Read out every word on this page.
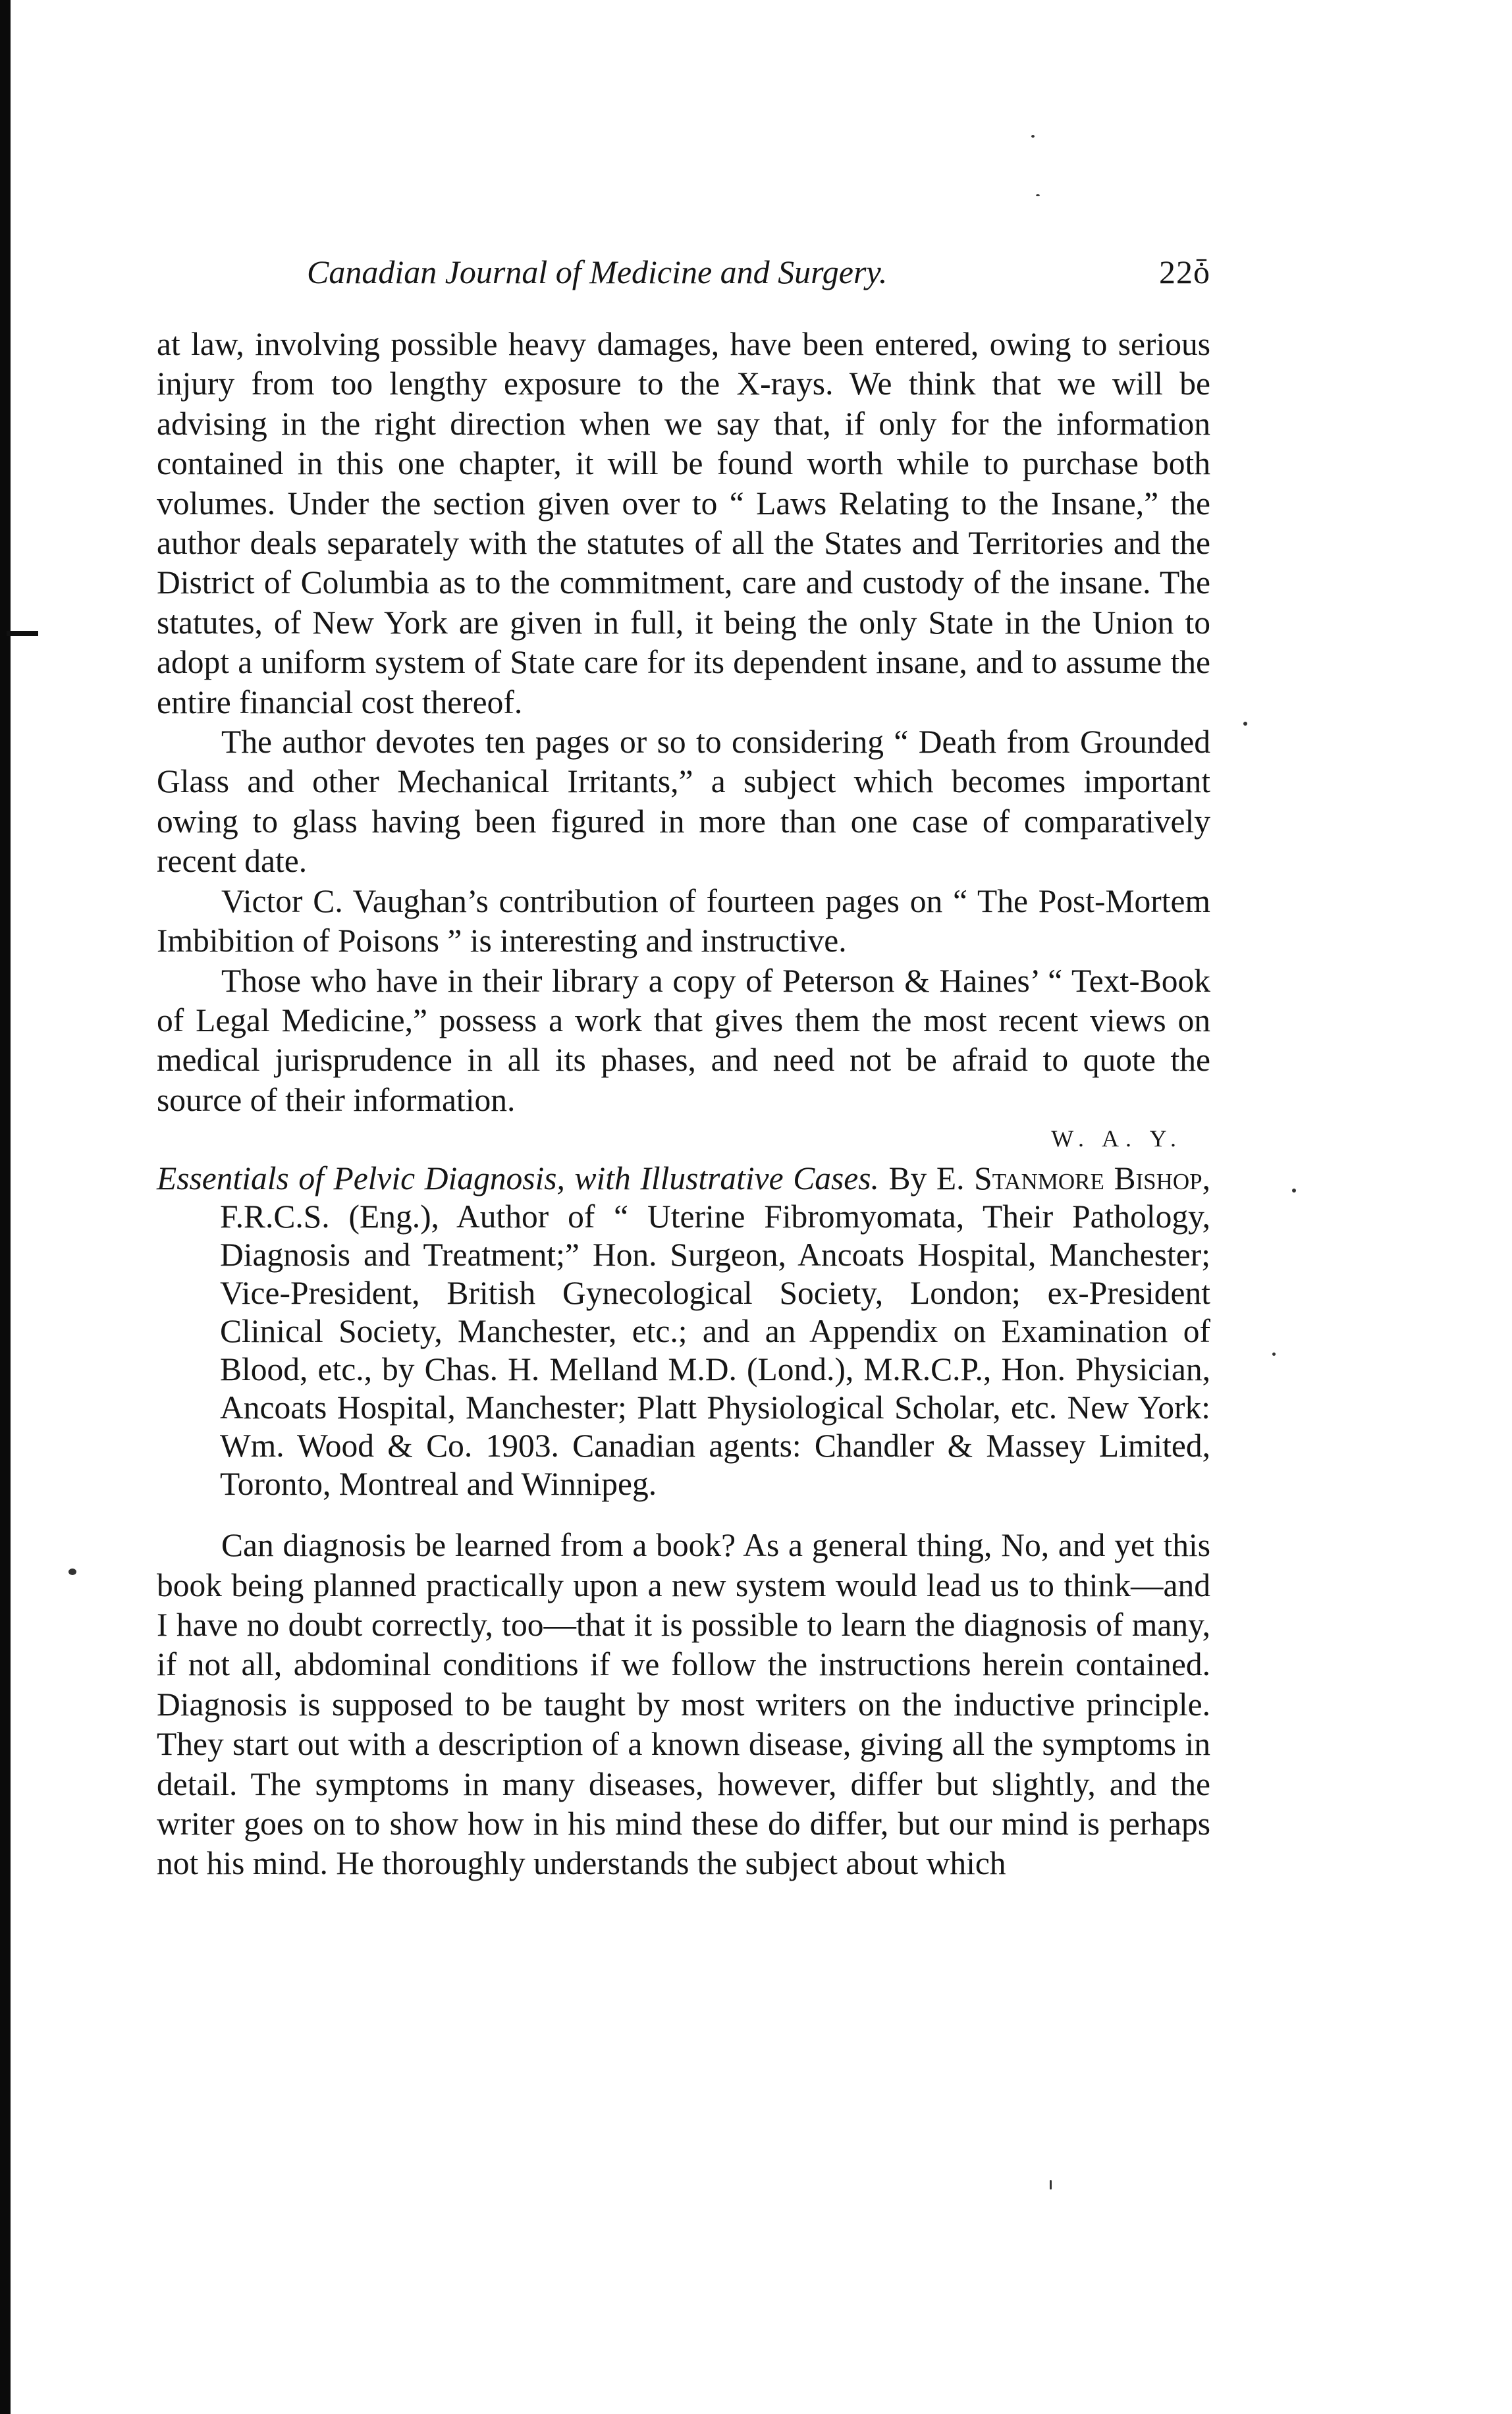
Canadian Journal of Medicine and Surgery.	22ȱ

at law, involving possible heavy damages, have been entered, owing to serious injury from too lengthy exposure to the X-rays. We think that we will be advising in the right direction when we say that, if only for the information contained in this one chapter, it will be found worth while to purchase both volumes. Under the section given over to “ Laws Relating to the Insane,” the author deals separately with the statutes of all the States and Territories and the District of Columbia as to the commitment, care and custody of the insane. The statutes, of New York are given in full, it being the only State in the Union to adopt a uniform system of State care for its dependent insane, and to assume the entire financial cost thereof.

The author devotes ten pages or so to considering “ Death from Grounded Glass and other Mechanical Irritants,” a subject which becomes important owing to glass having been figured in more than one case of comparatively recent date.

Victor C. Vaughan’s contribution of fourteen pages on “ The Post-Mortem Imbibition of Poisons ” is interesting and instructive.

Those who have in their library a copy of Peterson & Haines’ “ Text-Book of Legal Medicine,” possess a work that gives them the most recent views on medical jurisprudence in all its phases, and need not be afraid to quote the source of their information.

W. A. Y.

Essentials of Pelvic Diagnosis, with Illustrative Cases. By E. Stanmore Bishop, F.R.C.S. (Eng.), Author of “ Uterine Fibromyomata, Their Pathology, Diagnosis and Treatment;” Hon. Surgeon, Ancoats Hospital, Manchester; Vice-President, British Gynecological Society, London; ex-President Clinical Society, Manchester, etc.; and an Appendix on Examination of Blood, etc., by Chas. H. Melland M.D. (Lond.), M.R.C.P., Hon. Physician, Ancoats Hospital, Manchester; Platt Physiological Scholar, etc. New York: Wm. Wood & Co. 1903. Canadian agents: Chandler & Massey Limited, Toronto, Montreal and Winnipeg.

Can diagnosis be learned from a book? As a general thing, No, and yet this book being planned practically upon a new system would lead us to think—and I have no doubt correctly, too—that it is possible to learn the diagnosis of many, if not all, abdominal conditions if we follow the instructions herein contained. Diagnosis is supposed to be taught by most writers on the inductive principle. They start out with a description of a known disease, giving all the symptoms in detail. The symptoms in many diseases, however, differ but slightly, and the writer goes on to show how in his mind these do differ, but our mind is perhaps not his mind. He thoroughly understands the subject about which
